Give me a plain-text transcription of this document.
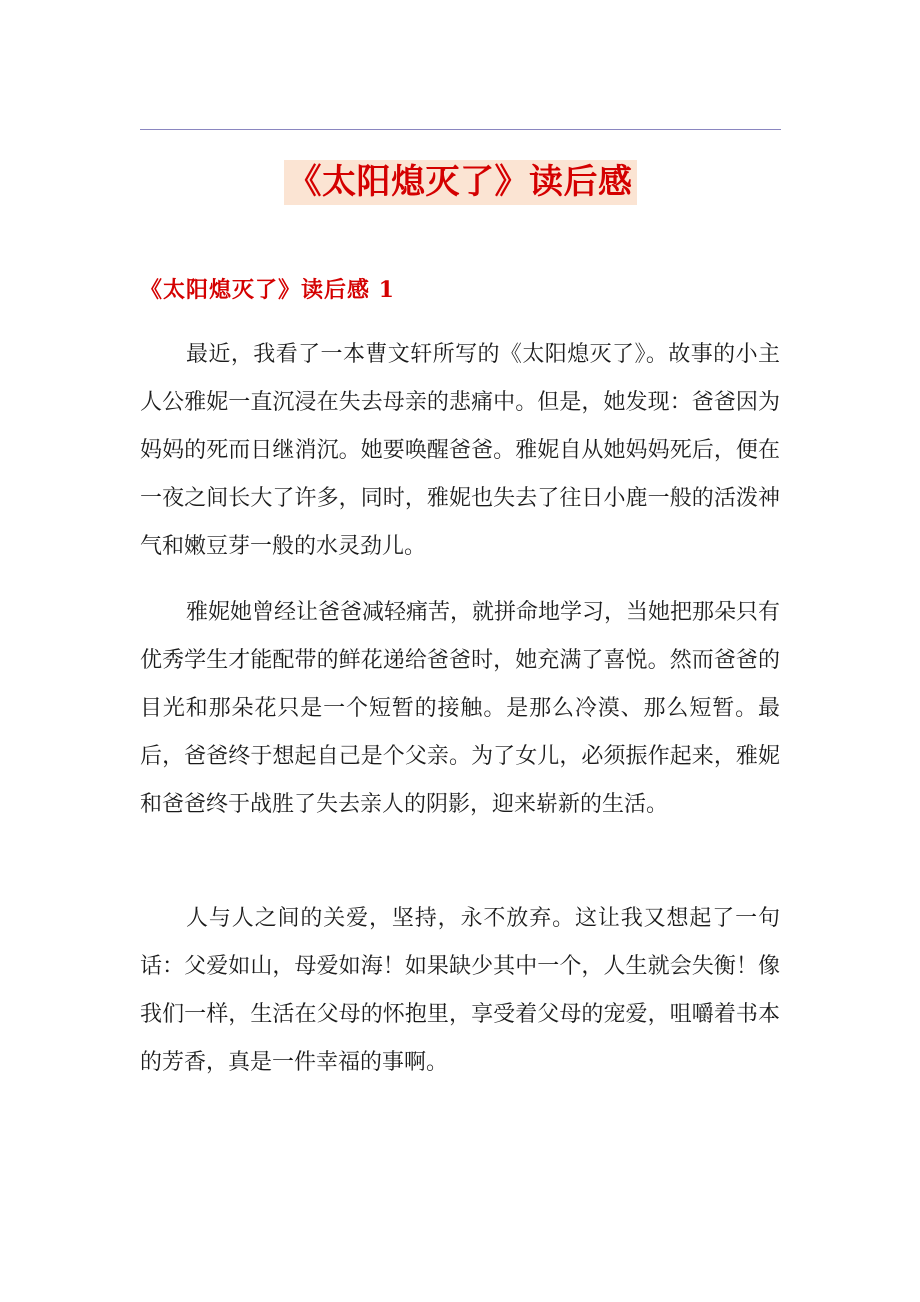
《太阳熄灭了》读后感
《太阳熄灭了》读后感 1

最近，我看了一本曹文轩所写的《太阳熄灭了》。故事的小主人公雅妮一直沉浸在失去母亲的悲痛中。但是，她发现：爸爸因为妈妈的死而日继消沉。她要唤醒爸爸。雅妮自从她妈妈死后，便在一夜之间长大了许多，同时，雅妮也失去了往日小鹿一般的活泼神气和嫩豆芽一般的水灵劲儿。

雅妮她曾经让爸爸减轻痛苦，就拼命地学习，当她把那朵只有优秀学生才能配带的鲜花递给爸爸时，她充满了喜悦。然而爸爸的目光和那朵花只是一个短暂的接触。是那么冷漠、那么短暂。最后，爸爸终于想起自己是个父亲。为了女儿，必须振作起来，雅妮和爸爸终于战胜了失去亲人的阴影，迎来崭新的生活。

人与人之间的关爱，坚持，永不放弃。这让我又想起了一句话：父爱如山，母爱如海！如果缺少其中一个，人生就会失衡！像我们一样，生活在父母的怀抱里，享受着父母的宠爱，咀嚼着书本的芳香，真是一件幸福的事啊。
